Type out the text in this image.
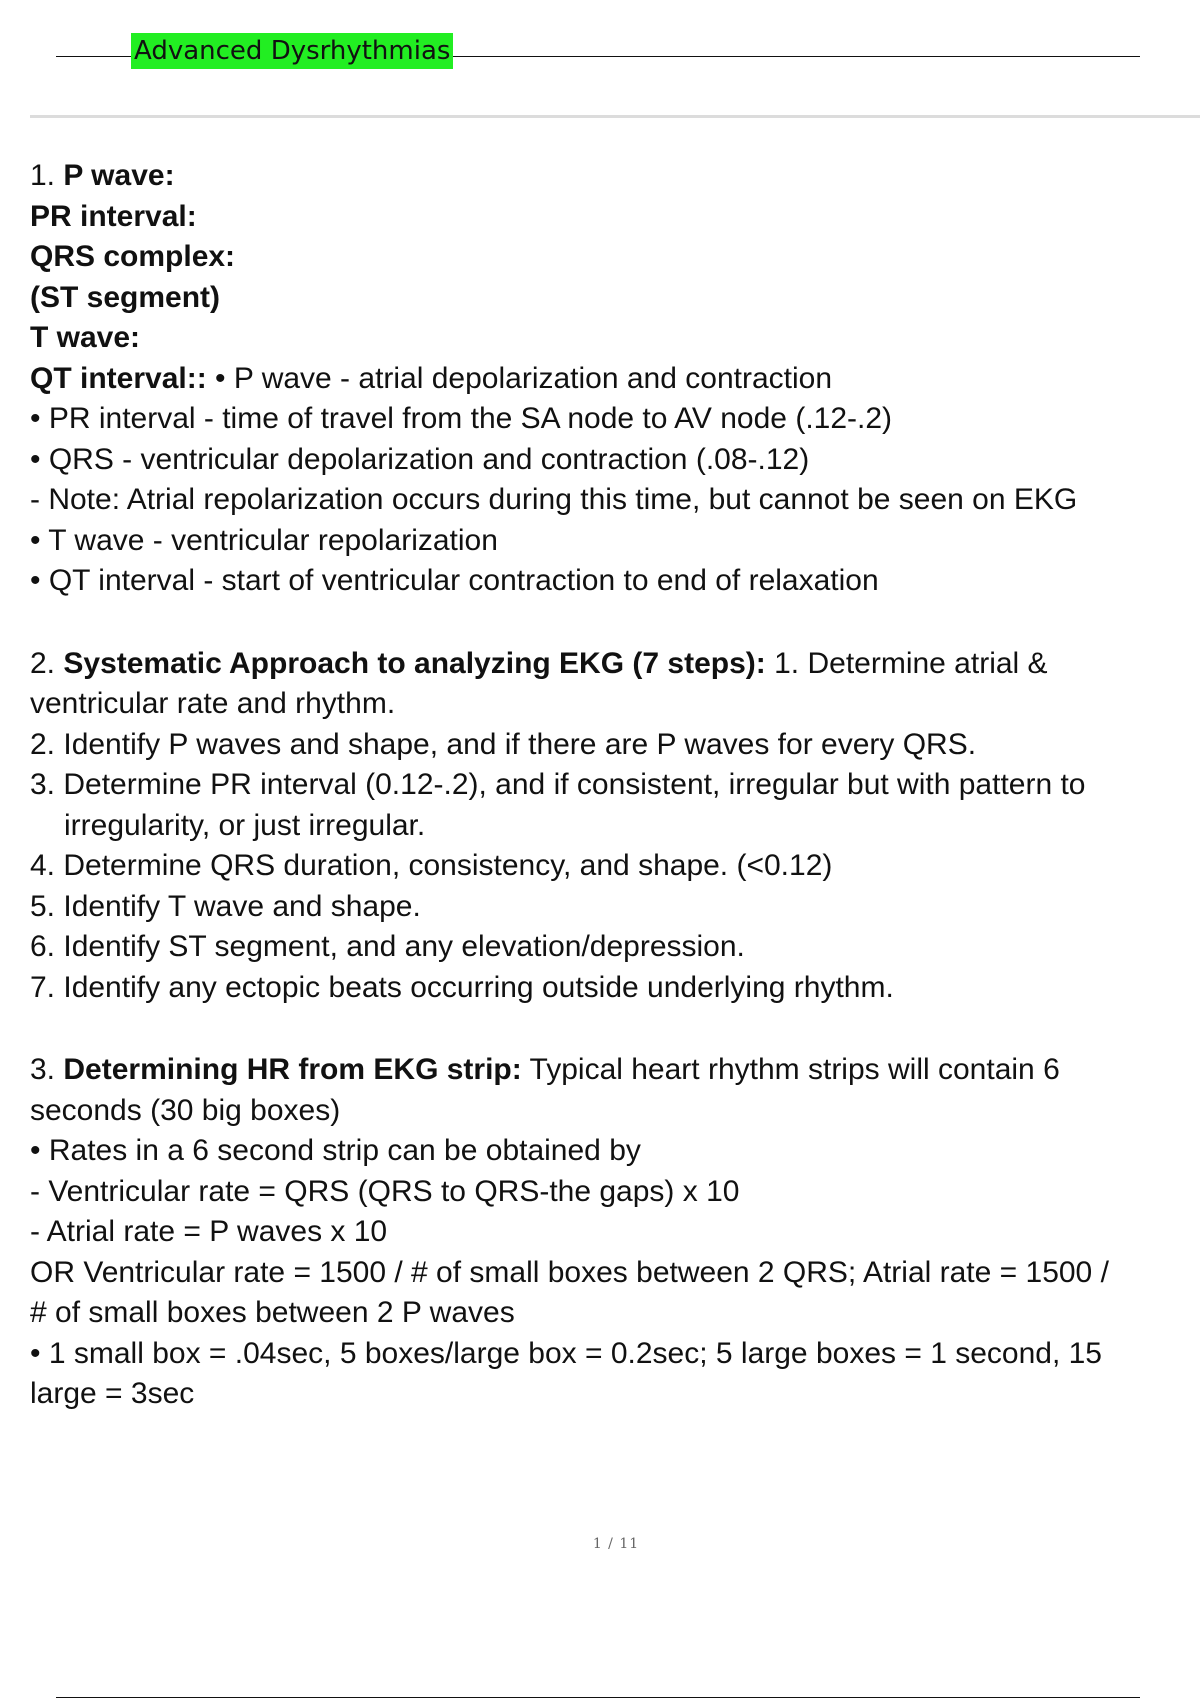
Advanced Dysrhythmias
1. P wave:
PR interval:
QRS complex:
(ST segment)
T wave:
QT interval:: • P wave - atrial depolarization and contraction
• PR interval - time of travel from the SA node to AV node (.12-.2)
• QRS - ventricular depolarization and contraction (.08-.12)
- Note: Atrial repolarization occurs during this time, but cannot be seen on EKG
• T wave - ventricular repolarization
• QT interval - start of ventricular contraction to end of relaxation
2. Systematic Approach to analyzing EKG (7 steps): 1. Determine atrial &
ventricular rate and rhythm.
2. Identify P waves and shape, and if there are P waves for every QRS.
3. Determine PR interval (0.12-.2), and if consistent, irregular but with pattern to
irregularity, or just irregular.
4. Determine QRS duration, consistency, and shape. (<0.12)
5. Identify T wave and shape.
6. Identify ST segment, and any elevation/depression.
7. Identify any ectopic beats occurring outside underlying rhythm.
3. Determining HR from EKG strip: Typical heart rhythm strips will contain 6
seconds (30 big boxes)
• Rates in a 6 second strip can be obtained by
- Ventricular rate = QRS (QRS to QRS-the gaps) x 10
- Atrial rate = P waves x 10
OR Ventricular rate = 1500 / # of small boxes between 2 QRS; Atrial rate = 1500 /
# of small boxes between 2 P waves
• 1 small box = .04sec, 5 boxes/large box = 0.2sec; 5 large boxes = 1 second, 15
large = 3sec
1 / 11
